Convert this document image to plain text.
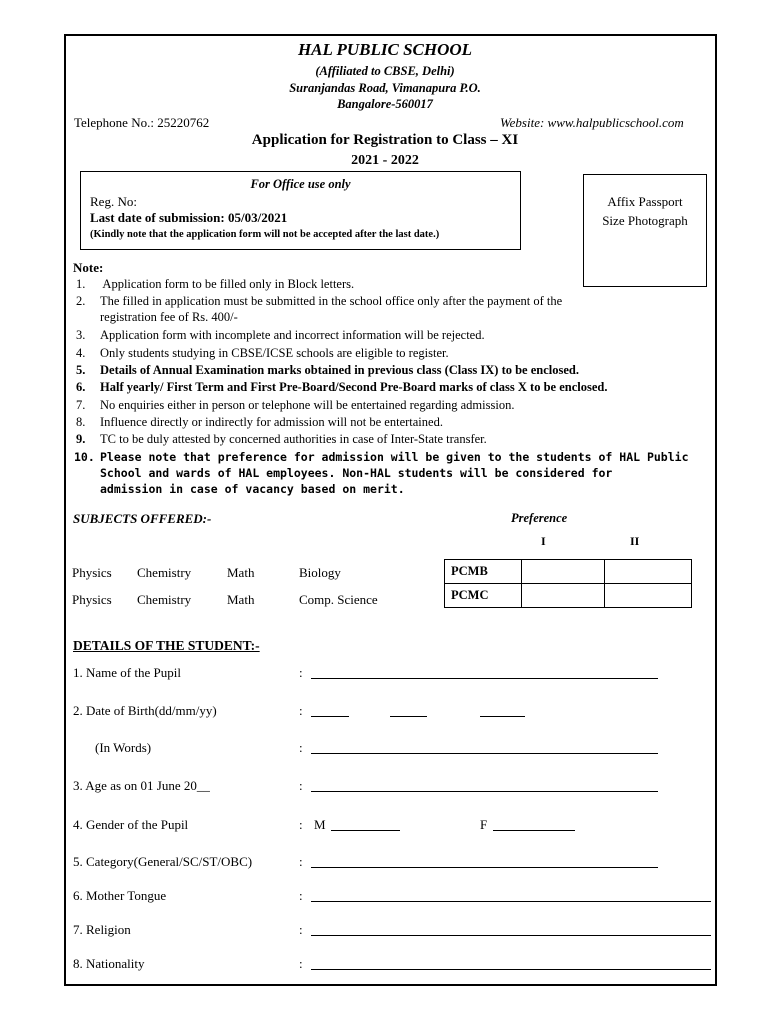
HAL PUBLIC SCHOOL
(Affiliated to CBSE, Delhi)
Suranjandas Road, Vimanapura P.O.
Bangalore-560017
Telephone No.: 25220762	Website: www.halpublicschool.com
Application for Registration to Class – XI
2021 - 2022
For Office use only
Reg. No:
Last date of submission: 05/03/2021
(Kindly note that the application form will not be accepted after the last date.)
Affix Passport
Size Photograph
Note:
1. Application form to be filled only in Block letters.
2. The filled in application must be submitted in the school office only after the payment of the
registration fee of Rs. 400/-
3. Application form with incomplete and incorrect information will be rejected.
4. Only students studying in CBSE/ICSE schools are eligible to register.
5. Details of Annual Examination marks obtained in previous class (Class IX) to be enclosed.
6. Half yearly/ First Term and First Pre-Board/Second Pre-Board marks of class X to be enclosed.
7. No enquiries either in person or telephone will be entertained regarding admission.
8. Influence directly or indirectly for admission will not be entertained.
9. TC to be duly attested by concerned authorities in case of Inter-State transfer.
10. Please note that preference for admission will be given to the students of HAL Public
School and wards of HAL employees. Non-HAL students will be considered for
admission in case of vacancy based on merit.
SUBJECTS OFFERED:-	Preference
I	II
Physics Chemistry	Math	Biology
Physics Chemistry	Math	Comp. Science
PCMB		
PCMC		
DETAILS OF THE STUDENT:-
1. Name of the Pupil	:
2. Date of Birth(dd/mm/yy)	:
(In Words)	:
3. Age as on 01 June 20__	:
4. Gender of the Pupil	: M	F
5. Category(General/SC/ST/OBC)	:
6. Mother Tongue	:
7. Religion	:
8. Nationality	:
